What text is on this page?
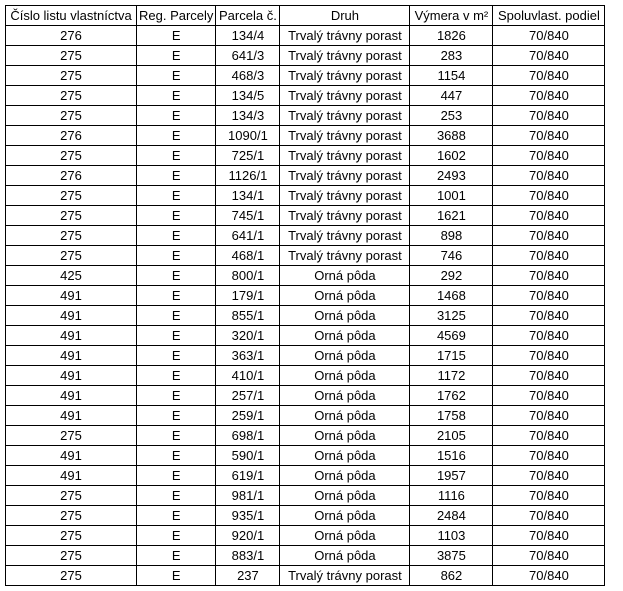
Číslo listu vlastníctva	Reg. Parcely	Parcela č.	Druh	Výmera v m²	Spoluvlast. podiel
276	E	134/4	Trvalý trávny porast	1826	70/840
275	E	641/3	Trvalý trávny porast	283	70/840
275	E	468/3	Trvalý trávny porast	1154	70/840
275	E	134/5	Trvalý trávny porast	447	70/840
275	E	134/3	Trvalý trávny porast	253	70/840
276	E	1090/1	Trvalý trávny porast	3688	70/840
275	E	725/1	Trvalý trávny porast	1602	70/840
276	E	1126/1	Trvalý trávny porast	2493	70/840
275	E	134/1	Trvalý trávny porast	1001	70/840
275	E	745/1	Trvalý trávny porast	1621	70/840
275	E	641/1	Trvalý trávny porast	898	70/840
275	E	468/1	Trvalý trávny porast	746	70/840
425	E	800/1	Orná pôda	292	70/840
491	E	179/1	Orná pôda	1468	70/840
491	E	855/1	Orná pôda	3125	70/840
491	E	320/1	Orná pôda	4569	70/840
491	E	363/1	Orná pôda	1715	70/840
491	E	410/1	Orná pôda	1172	70/840
491	E	257/1	Orná pôda	1762	70/840
491	E	259/1	Orná pôda	1758	70/840
275	E	698/1	Orná pôda	2105	70/840
491	E	590/1	Orná pôda	1516	70/840
491	E	619/1	Orná pôda	1957	70/840
275	E	981/1	Orná pôda	1116	70/840
275	E	935/1	Orná pôda	2484	70/840
275	E	920/1	Orná pôda	1103	70/840
275	E	883/1	Orná pôda	3875	70/840
275	E	237	Trvalý trávny porast	862	70/840
